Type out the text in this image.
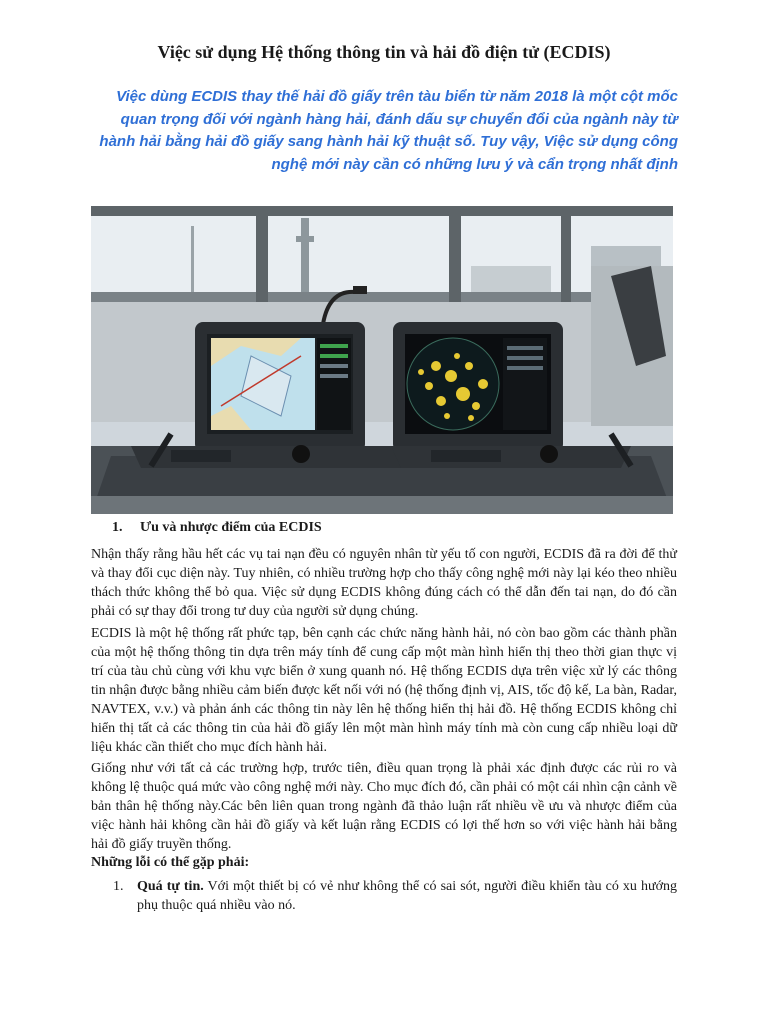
Việc sử dụng Hệ thống thông tin và hải đồ điện tử (ECDIS)
Việc dùng ECDIS thay thế hải đồ giấy trên tàu biển từ năm 2018 là một cột mốc quan trọng đối với ngành hàng hải, đánh dấu sự chuyển đổi của ngành này từ hành hải bằng hải đồ giấy sang hành hải kỹ thuật số. Tuy vậy, Việc sử dụng công nghệ mới này cần có những lưu ý và cẩn trọng nhất định
1. Ưu và nhược điểm của ECDIS

Nhận thấy rằng hầu hết các vụ tai nạn đều có nguyên nhân từ yếu tố con người, ECDIS đã ra đời để thử và thay đổi cục diện này. Tuy nhiên, có nhiều trường hợp cho thấy công nghệ mới này lại kéo theo nhiều thách thức không thể bỏ qua. Việc sử dụng ECDIS không đúng cách có thể dẫn đến tai nạn, do đó cần phải có sự thay đổi trong tư duy của người sử dụng chúng.

ECDIS là một hệ thống rất phức tạp, bên cạnh các chức năng hành hải, nó còn bao gồm các thành phần của một hệ thống thông tin dựa trên máy tính để cung cấp một màn hình hiển thị theo thời gian thực vị trí của tàu chủ cùng với khu vực biển ở xung quanh nó. Hệ thống ECDIS dựa trên việc xử lý các thông tin nhận được bằng nhiều cảm biến được kết nối với nó (hệ thống định vị, AIS, tốc độ kế, La bàn, Radar, NAVTEX, v.v.) và phản ánh các thông tin này lên hệ thống hiển thị hải đồ. Hệ thống ECDIS không chỉ hiển thị tất cả các thông tin của hải đồ giấy lên một màn hình máy tính mà còn cung cấp nhiều loại dữ liệu khác cần thiết cho mục đích hành hải.

Giống như với tất cả các trường hợp, trước tiên, điều quan trọng là phải xác định được các rủi ro và không lệ thuộc quá mức vào công nghệ mới này. Cho mục đích đó, cần phải có một cái nhìn cận cảnh về bản thân hệ thống này.Các bên liên quan trong ngành đã thảo luận rất nhiều về ưu và nhược điểm của việc hành hải không cần hải đồ giấy và kết luận rằng ECDIS có lợi thế hơn so với việc hành hải bằng hải đồ giấy truyền thống.

Những lỗi có thể gặp phải:
1. Quá tự tin. Với một thiết bị có vẻ như không thể có sai sót, người điều khiển tàu có xu hướng phụ thuộc quá nhiều vào nó.
